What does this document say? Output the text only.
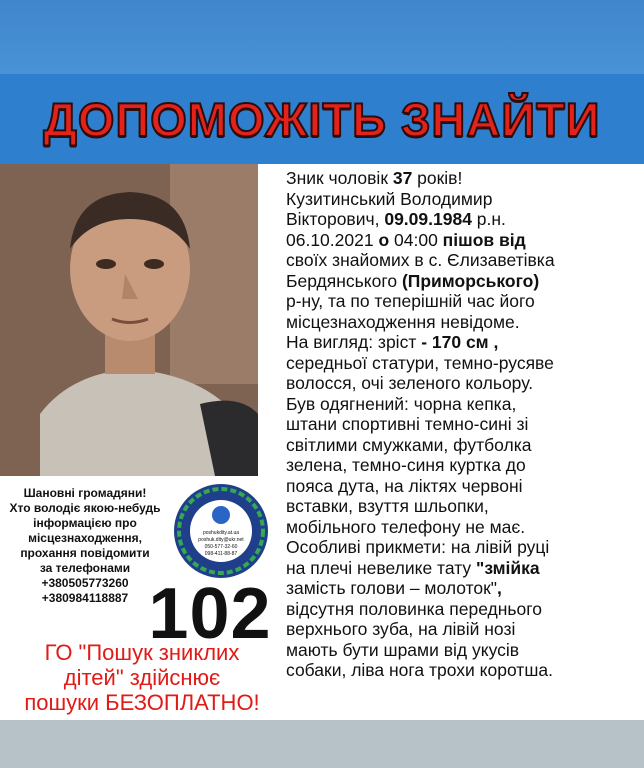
ДОПОМОЖІТЬ ЗНАЙТИ
Шановні громадяни!
Хто володіє якою-небудь
інформацією про
місцезнаходження,
прохання повідомити
за телефонами
+380505773260
+380984118887
poshukdity.at.ua
poshuk.dity@ukr.net
050-577-32-60
098-411-88-87
102
ГО "Пошук зниклих
дітей" здійснює
пошуки БЕЗОПЛАТНО!
Зник чоловік 37 років!
Кузитинський Володимир
Вікторович, 09.09.1984 р.н.
06.10.2021 о 04:00 пішов від
своїх знайомих в с. Єлизаветівка
Бердянського (Приморського)
р-ну, та по теперішній час його
місцезнаходження невідоме.
На вигляд: зріст - 170 см ,
середньої статури, темно-русяве
волосся, очі зеленого кольору.
Був одягнений: чорна кепка,
штани спортивні темно-сині зі
світлими смужками, футболка
зелена, темно-синя куртка до
пояса дута, на ліктях червоні
вставки, взуття шльопки,
мобільного телефону не має.
Особливі прикмети: на лівій руці
на плечі невелике тату "змійка
замість голови – молоток",
відсутня половинка переднього
верхнього зуба, на лівій нозі
мають бути шрами від укусів
собаки, ліва нога трохи коротша.
